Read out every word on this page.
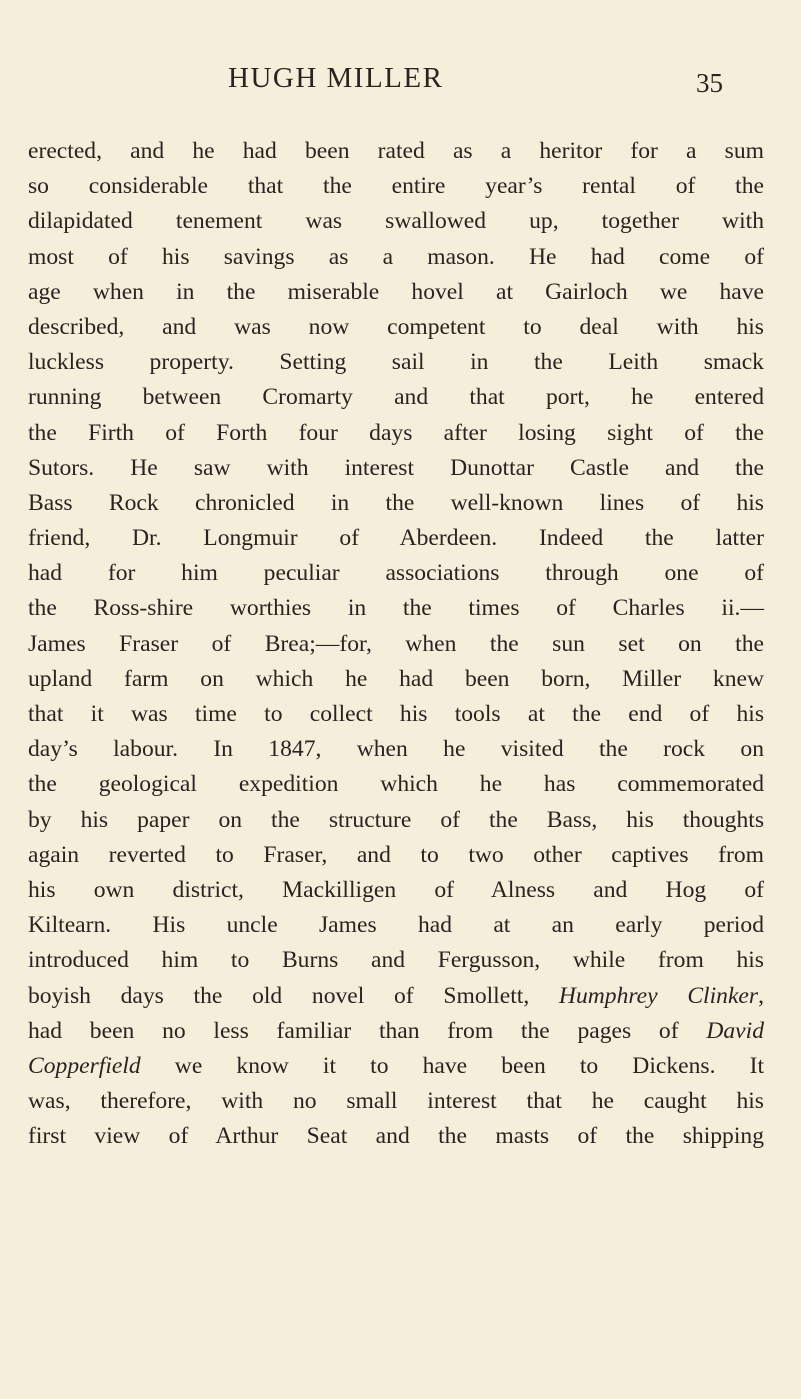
HUGH MILLER	35
erected, and he had been rated as a heritor for a sum
so considerable that the entire year’s rental of the
dilapidated tenement was swallowed up, together with
most of his savings as a mason. He had come of
age when in the miserable hovel at Gairloch we have
described, and was now competent to deal with his
luckless property. Setting sail in the Leith smack
running between Cromarty and that port, he entered
the Firth of Forth four days after losing sight of the
Sutors. He saw with interest Dunottar Castle and the
Bass Rock chronicled in the well-known lines of his
friend, Dr. Longmuir of Aberdeen. Indeed the latter
had for him peculiar associations through one of
the Ross-shire worthies in the times of Charles ii.—
James Fraser of Brea;—for, when the sun set on the
upland farm on which he had been born, Miller knew
that it was time to collect his tools at the end of his
day’s labour. In 1847, when he visited the rock on
the geological expedition which he has commemorated
by his paper on the structure of the Bass, his thoughts
again reverted to Fraser, and to two other captives from
his own district, Mackilligen of Alness and Hog of
Kiltearn. His uncle James had at an early period
introduced him to Burns and Fergusson, while from his
boyish days the old novel of Smollett, Humphrey Clinker,
had been no less familiar than from the pages of David
Copperfield we know it to have been to Dickens. It
was, therefore, with no small interest that he caught his
first view of Arthur Seat and the masts of the shipping
